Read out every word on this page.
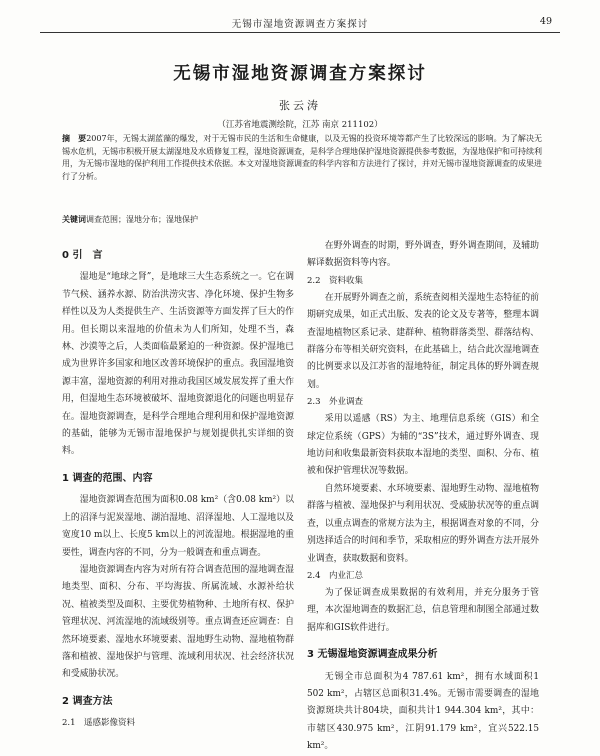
无锡市湿地资源调查方案探讨	49
无锡市湿地资源调查方案探讨
张云涛
（江苏省地震测绘院，江苏 南京 211102）
摘　要2007年，无锡太湖蓝藻的爆发，对于无锡市民的生活和生命健康，以及无锡的投资环境等都产生了比较深远的影响。为了解决无锡水危机，无锡市积极开展太湖湿地及水质修复工程，湿地资源调查，是科学合理地保护湿地资源提供参考数据，为湿地保护和可持续利用，为无锡市湿地的保护利用工作提供技术依据。本文对湿地资源调查的科学内容和方法进行了探讨，并对无锡市湿地资源调查的成果进行了分析。
关键词调查范围；湿地分布；湿地保护
0 引　言

湿地是“地球之肾”，是地球三大生态系统之一。它在调节气候、涵养水源、防治洪涝灾害、净化环境、保护生物多样性以及为人类提供生产、生活资源等方面发挥了巨大的作用。但长期以来湿地的价值未为人们所知，处理不当，森林、沙漠等之后，人类面临最紧迫的一种资源。保护湿地已成为世界许多国家和地区改善环境保护的重点。我国湿地资源丰富，湿地资源的利用对推动我国区域发展发挥了重大作用，但湿地生态环境被破坏、湿地资源退化的问题也明显存在。湿地资源调查，是科学合理地合理利用和保护湿地资源的基础，能够为无锡市湿地保护与规划提供扎实详细的资料。

1 调查的范围、内容

湿地资源调查范围为面积0.08 km²（含0.08 km²）以上的沼泽与泥炭湿地、湖泊湿地、沼泽湿地、人工湿地以及宽度10 m以上、长度5 km以上的河流湿地。根据湿地的重要性，调查内容的不同，分为一般调查和重点调查。

湿地资源调查内容为对所有符合调查范围的湿地调查湿地类型、面积、分布、平均海拔、所属流域、水源补给状况、植被类型及面积、主要优势植物种、土地所有权、保护管理状况、河流湿地的流域级别等。重点调查还应调查：自然环境要素、湿地水环境要素、湿地野生动物、湿地植物群落和植被、湿地保护与管理、流域利用状况、社会经济状况和受威胁状况。

2 调查方法
2.1　遥感影像资料

在野外调查的时期，野外调查，野外调查期间，及辅助解译数据资料等内容。

2.2　资料收集

在开展野外调查之前，系统查阅相关湿地生态特征的前期研究成果，如正式出版、发表的论文及专著等，整理本调查湿地植物区系记录、建群种、植物群落类型、群落结构、群落分布等相关研究资料，在此基础上，结合此次湿地调查的比例要求以及江苏省的湿地特征，制定具体的野外调查规划。

2.3　外业调查

采用以遥感（RS）为主、地理信息系统（GIS）和全球定位系统（GPS）为辅的“3S”技术，通过野外调查、现地访问和收集最新资料获取本湿地的类型、面积、分布、植被和保护管理状况等数据。

自然环境要素、水环境要素、湿地野生动物、湿地植物群落与植被、湿地保护与利用状况、受威胁状况等的重点调查，以重点调查的常规方法为主，根据调查对象的不同，分别选择适合的时间和季节，采取相应的野外调查方法开展外业调查，获取数据和资料。

2.4　内业汇总

为了保证调查成果数据的有效利用，并充分服务于管理，本次湿地调查的数据汇总，信息管理和制图全部通过数据库和GIS软件进行。

3 无锡湿地资源调查成果分析

无锡全市总面积为4 787.61 km²，拥有水域面积1 502 km²，占辖区总面积31.4%。无锡市需要调查的湿地资源斑块共计804块，面积共计1 944.304 km²，其中：市辖区430.975 km²，江阴91.179 km²，宜兴522.15 km²。
